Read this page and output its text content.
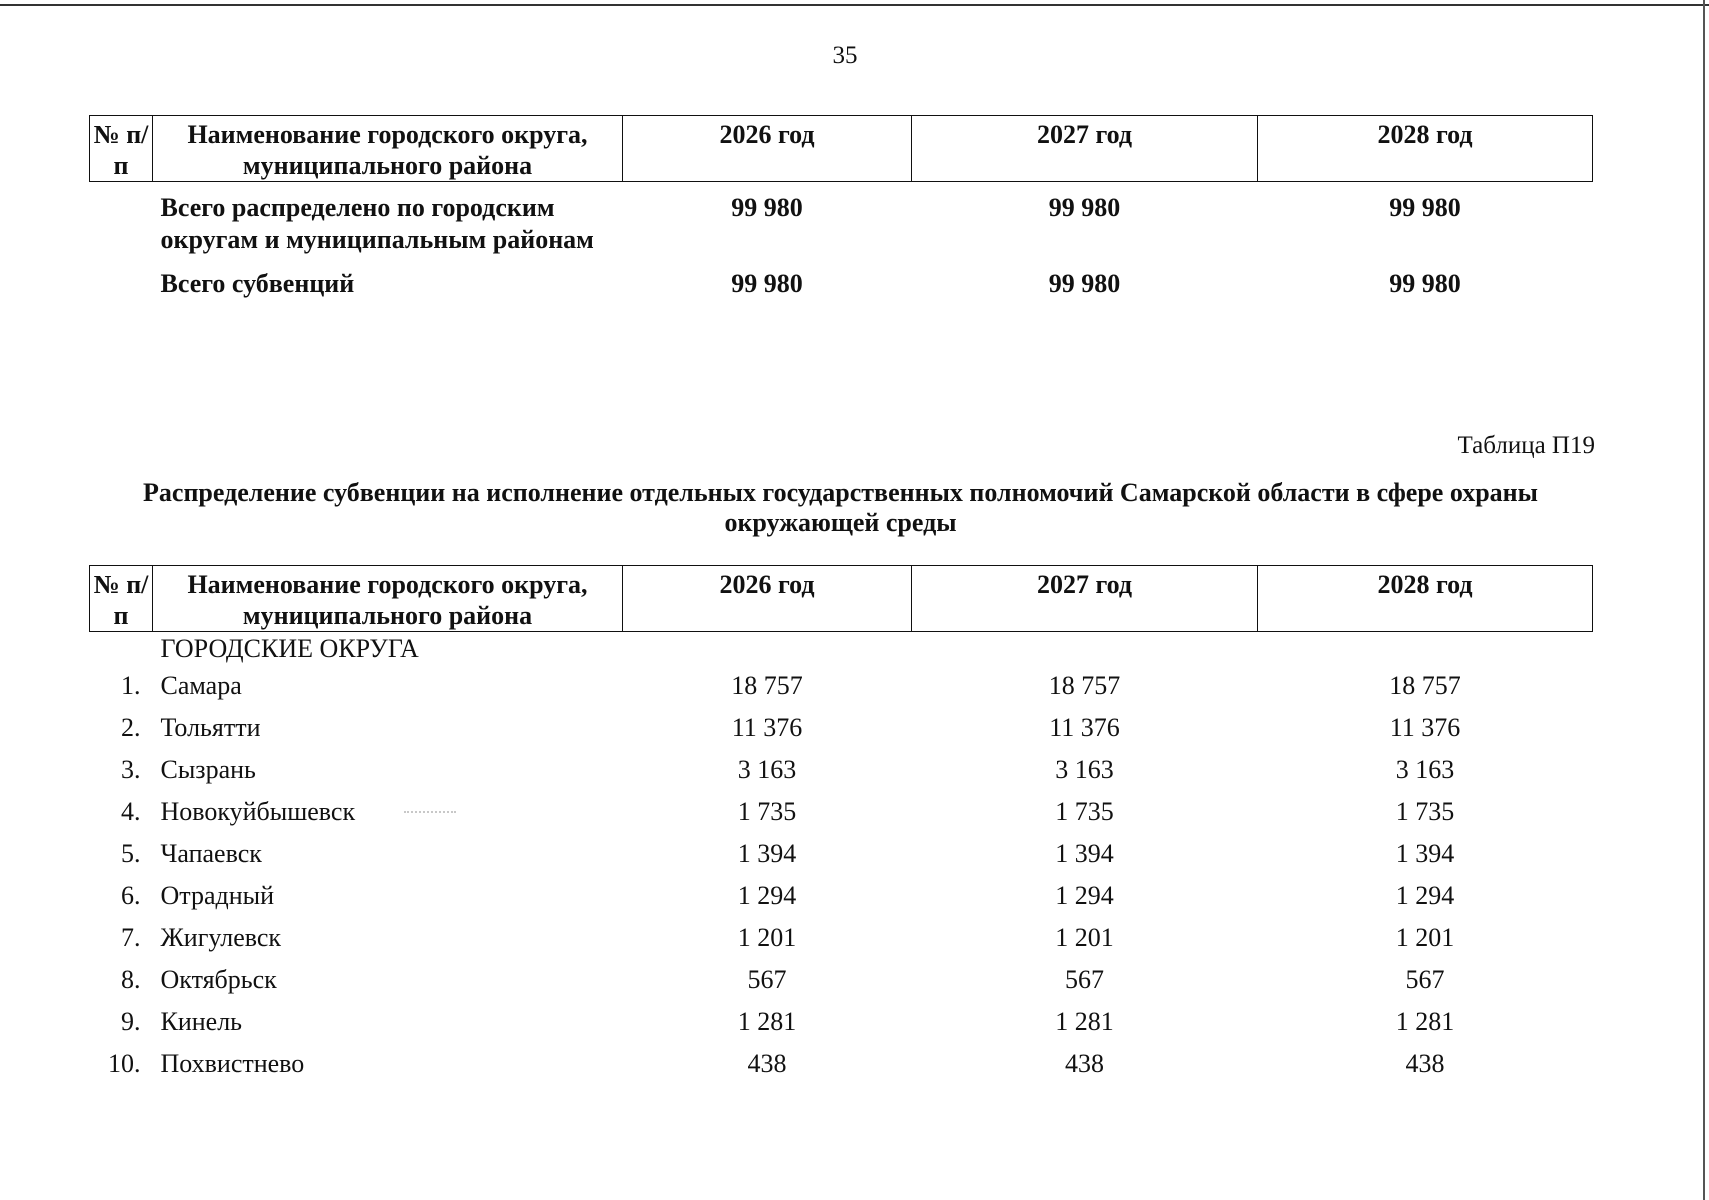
35
№ п/п	Наименование городского округа, муниципального района	2026 год	2027 год	2028 год
	Всего распределено по городским округам и муниципальным районам	99 980	99 980	99 980
	Всего субвенций	99 980	99 980	99 980
Таблица П19
Распределение субвенции на исполнение отдельных государственных полномочий Самарской области в сфере охраны окружающей среды
№ п/п	Наименование городского округа, муниципального района	2026 год	2027 год	2028 год
	ГОРОДСКИЕ ОКРУГА			
1.	Самара	18 757	18 757	18 757
2.	Тольятти	11 376	11 376	11 376
3.	Сызрань	3 163	3 163	3 163
4.	Новокуйбышевск	1 735	1 735	1 735
5.	Чапаевск	1 394	1 394	1 394
6.	Отрадный	1 294	1 294	1 294
7.	Жигулевск	1 201	1 201	1 201
8.	Октябрьск	567	567	567
9.	Кинель	1 281	1 281	1 281
10.	Похвистнево	438	438	438
